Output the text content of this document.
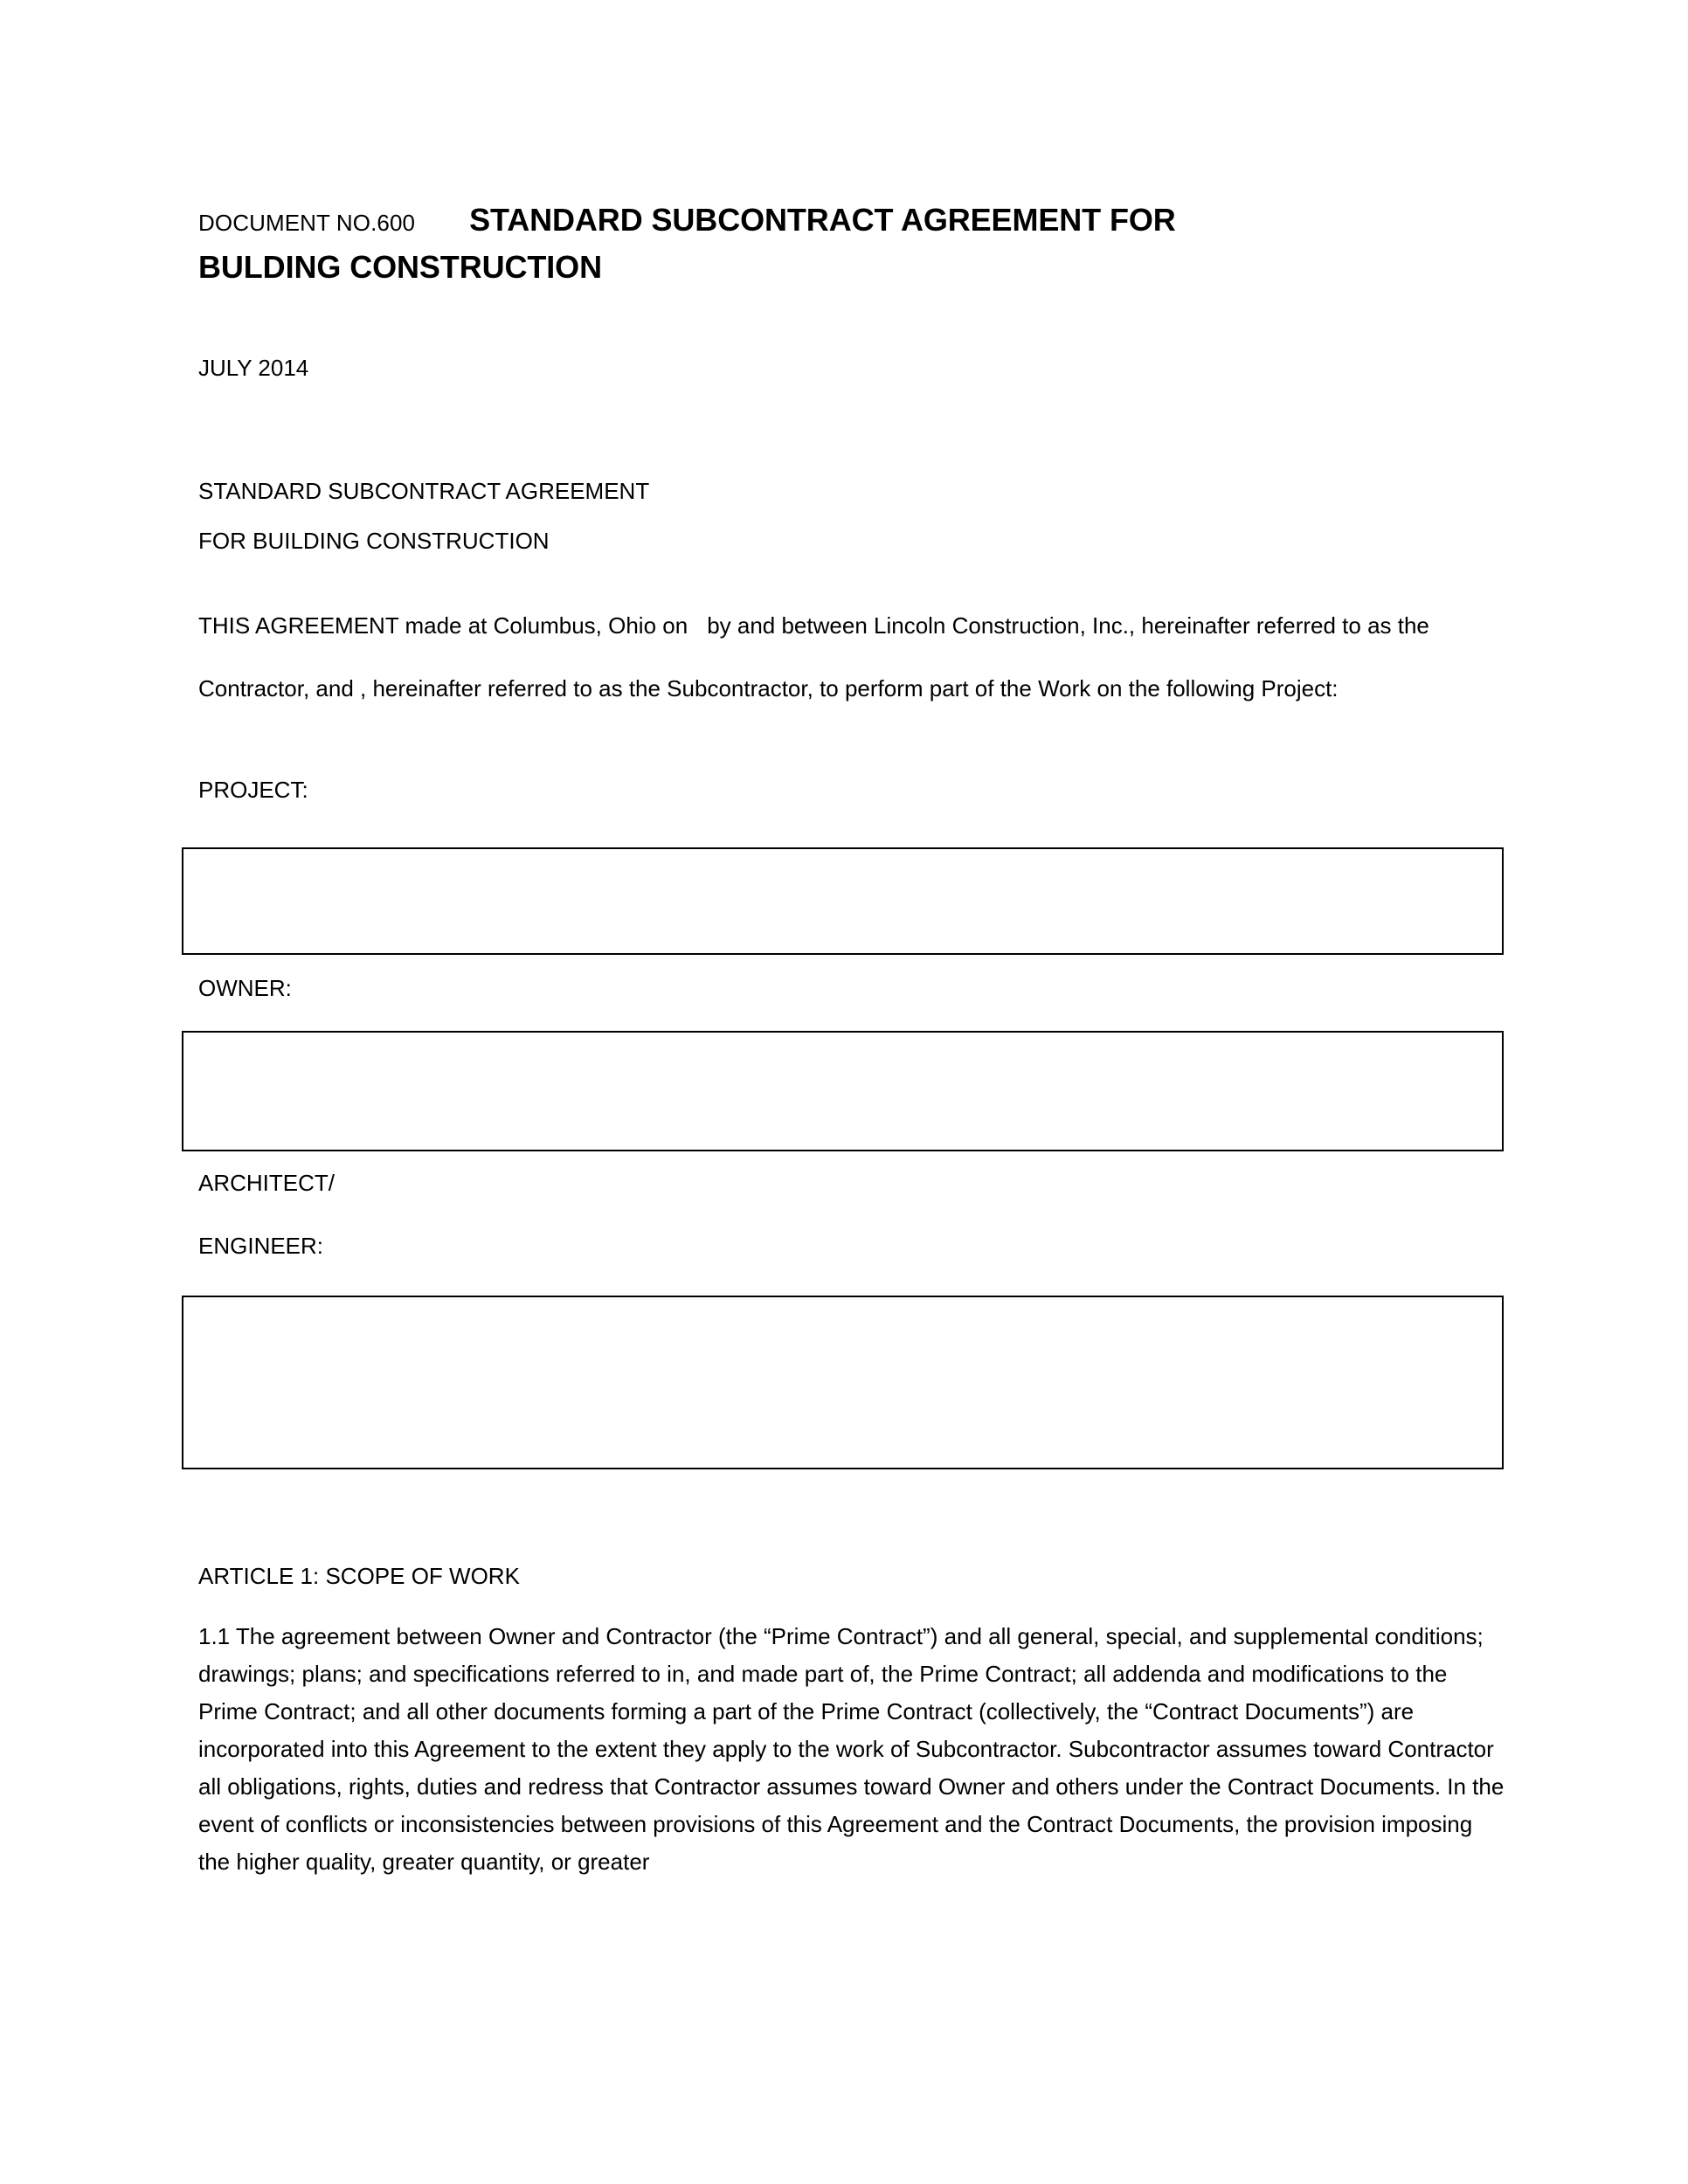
DOCUMENT NO.600 STANDARD SUBCONTRACT AGREEMENT FOR
BULDING CONSTRUCTION
JULY 2014
STANDARD SUBCONTRACT AGREEMENT
FOR BUILDING CONSTRUCTION
THIS AGREEMENT made at Columbus, Ohio on by and between Lincoln Construction, Inc., hereinafter referred to as the Contractor, and , hereinafter referred to as the Subcontractor, to perform part of the Work on the following Project:
PROJECT:
OWNER:
ARCHITECT/
ENGINEER:
ARTICLE 1: SCOPE OF WORK
1.1 The agreement between Owner and Contractor (the “Prime Contract”) and all general, special, and supplemental conditions; drawings; plans; and specifications referred to in, and made part of, the Prime Contract; all addenda and modifications to the Prime Contract; and all other documents forming a part of the Prime Contract (collectively, the “Contract Documents”) are incorporated into this Agreement to the extent they apply to the work of Subcontractor. Subcontractor assumes toward Contractor all obligations, rights, duties and redress that Contractor assumes toward Owner and others under the Contract Documents. In the event of conflicts or inconsistencies between provisions of this Agreement and the Contract Documents, the provision imposing the higher quality, greater quantity, or greater
